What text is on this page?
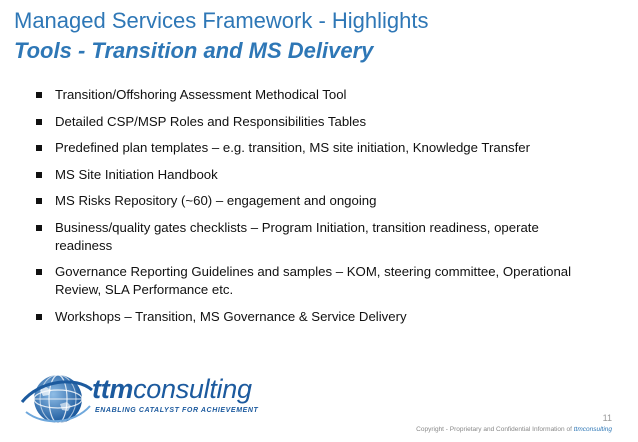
Managed Services Framework - Highlights
Tools - Transition and MS Delivery
Transition/Offshoring Assessment Methodical Tool
Detailed CSP/MSP Roles and Responsibilities Tables
Predefined plan templates – e.g. transition, MS site initiation, Knowledge Transfer
MS Site Initiation Handbook
MS Risks Repository (~60) – engagement and ongoing
Business/quality gates checklists – Program Initiation, transition readiness, operate readiness
Governance Reporting Guidelines and samples – KOM, steering committee, Operational Review, SLA Performance etc.
Workshops – Transition, MS Governance & Service Delivery
ttmconsulting
ENABLING CATALYST FOR ACHIEVEMENT
11
Copyright - Proprietary and Confidential Information of ttmconsulting
